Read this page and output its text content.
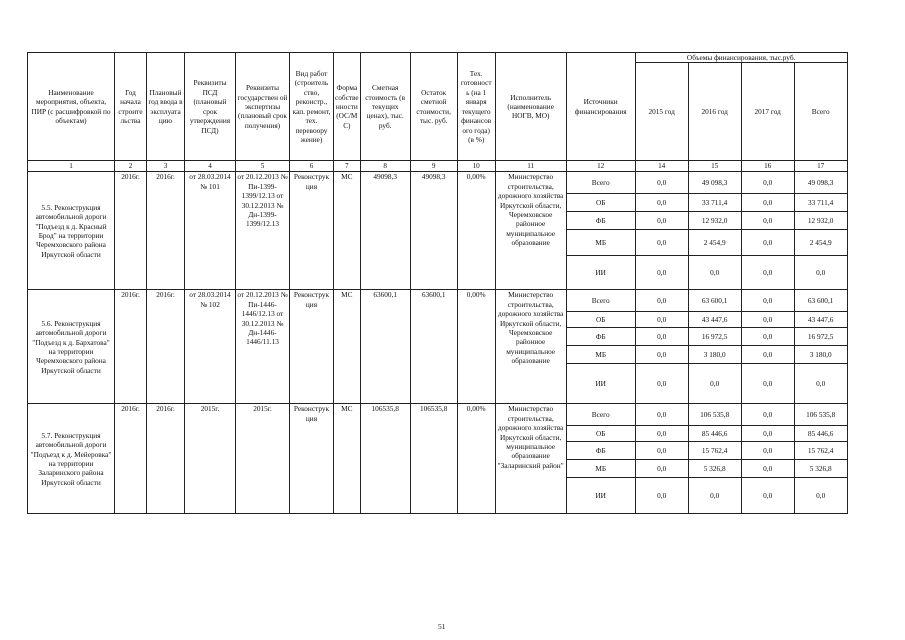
Наименование мероприятия, объекта, ПИР (с расшифровкой по объектам)	Год начала строите льства	Плановый год ввода в эксплуата цию	Реквизиты ПСД (плановый срок утверждения ПСД)	Реквизиты государствен ой экспертизы (плановый срок получения)	Вид работ (строитель ство, реконстр., кап. ремонт, тех. перевоору жение)	Форма собстве нности (ОС/М С)	Сметная стоимость (в текущих ценах), тыс. руб.	Остаток сметной стоимости, тыс. руб.	Тех. готовност ь (на 1 января текущего финансов ого года) (в %)	Исполнитель (наименование НОГВ, МО)	Источники финансирования	Объемы финансирования, тыс.руб.			
												2015 год	2016 год	2017 год	Всего
1	2	3	4	5	6	7	8	9	10	11	12	14	15	16	17
5.5. Реконструкция автомобильной дороги "Подъезд к д. Красный Брод" на территории Черемховского района Иркутской области	2016г.	2016г.	от 28.03.2014 № 101	от 20.12.2013 № Пи-1399-1399/12.13 от 30.12.2013 № Дн-1399-1399/12.13	Реконструк ция	МС	49098,3	49098,3	0,00%	Министерство строительства, дорожного хозяйства Иркутской области, Черемховское районное муниципальное образование	Всего	0,0	49 098,3	0,0	49 098,3
											ОБ	0,0	33 711,4	0,0	33 711,4
											ФБ	0,0	12 932,0	0,0	12 932,0
											МБ	0,0	2 454,9	0,0	2 454,9
											ИИ	0,0	0,0	0,0	0,0
5.6. Реконструкция автомобильной дороги "Подъезд к д. Бархатова" на территории Черемховского района Иркутской области	2016г.	2016г.	от 28.03.2014 № 102	от 20.12.2013 № Пи-1446-1446/12.13 от 30.12.2013 № Дн-1446-1446/11.13	Реконструк ция	МС	63600,1	63600,1	0,00%	Министерство строительства, дорожного хозяйства Иркутской области, Черемховское районное муниципальное образование	Всего	0,0	63 600,1	0,0	63 600,1
											ОБ	0,0	43 447,6	0,0	43 447,6
											ФБ	0,0	16 972,5	0,0	16 972,5
											МБ	0,0	3 180,0	0,0	3 180,0
											ИИ	0,0	0,0	0,0	0,0
5.7. Реконструкция автомобильной дороги "Подъезд к д. Мейеровка" на территории Заларинского района Иркутской области	2016г.	2016г.	2015г.	2015г.	Реконструк ция	МС	106535,8	106535,8	0,00%	Министерство строительства, дорожного хозяйства Иркутской области, муниципальное образование "Заларинский район"	Всего	0,0	106 535,8	0,0	106 535,8
											ОБ	0,0	85 446,6	0,0	85 446,6
											ФБ	0,0	15 762,4	0,0	15 762,4
											МБ	0,0	5 326,8	0,0	5 326,8
											ИИ	0,0	0,0	0,0	0,0
51
